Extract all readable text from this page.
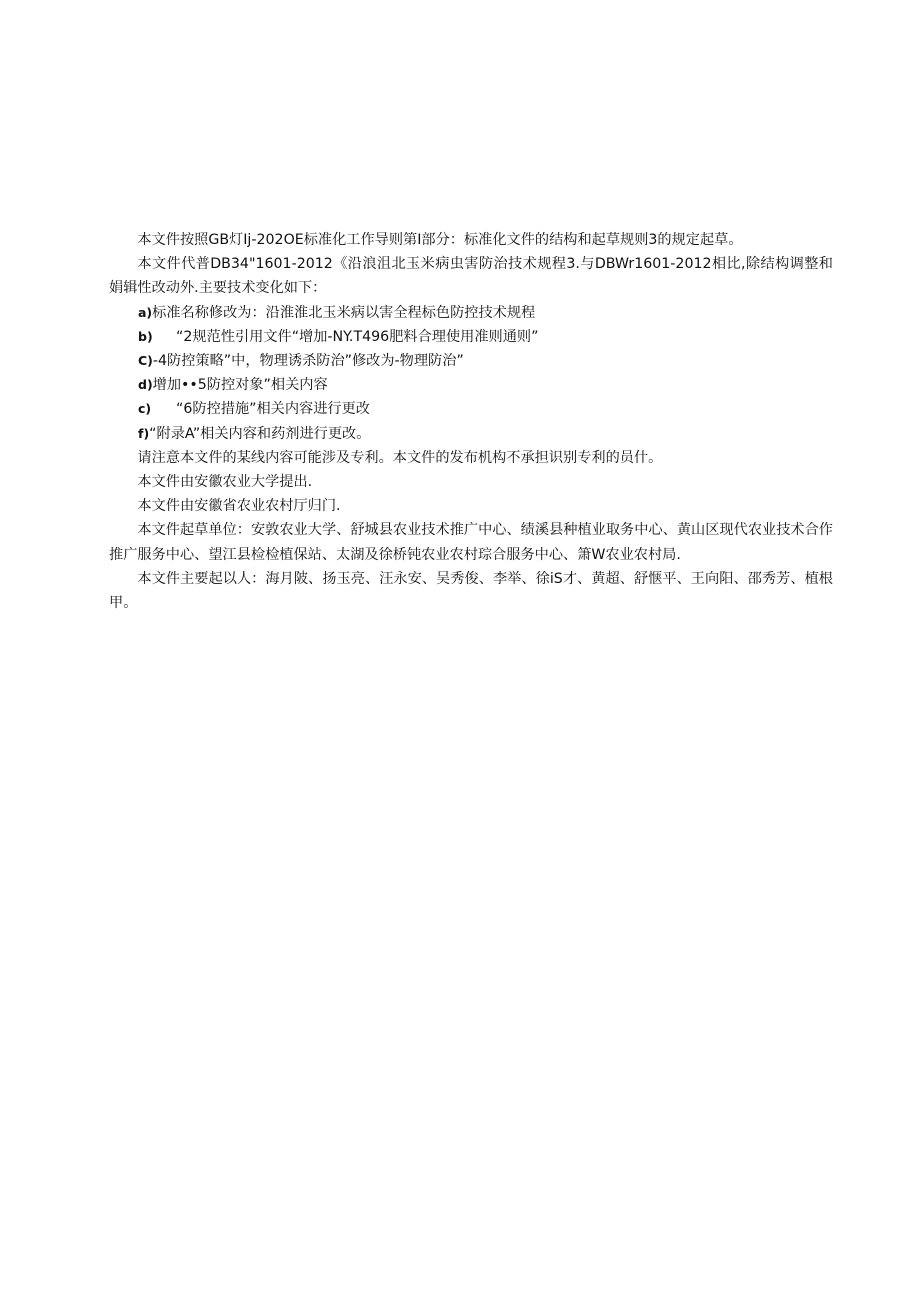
本文件按照GB灯Ij-202OE标准化工作导则第I部分：标准化文件的结构和起草规则3的规定起草。

本文件代普DB34"1601-2012《沿浪沮北玉米病虫害防治技术规程3.与DBWr1601-2012相比,除结构调整和娟辑性改动外.主要技术变化如下：

a)标准名称修改为：沿淮淮北玉米病以害全程标色防控技术规程

b) “2规范性引用文件“增加-NY.T496肥料合理使用准则通则”

C)-4防控策略”中，物理诱杀防治”修改为-物理防治”

d)增加••5防控对象”相关内容

c) “6防控措施”相关内容进行更改

f)“附录A”相关内容和药剂进行更改。

请注意本文件的某线内容可能涉及专利。本文件的发布机构不承担识别专利的员什。

本文件由安徽农业大学提出.

本文件由安徽省农业农村厅归门.

本文件起草单位：安敦农业大学、舒城县农业技术推广中心、绩溪县种植业取务中心、黄山区现代农业技术合作推广服务中心、望江县检检植保站、太湖及徐桥钝农业农村琮合服务中心、箫W农业农村局.

本文件主要起以人：海月陂、扬玉亮、汪永安、吴秀俊、李举、徐iS才、黄超、舒惬平、王向阳、邵秀芳、植根甲。
